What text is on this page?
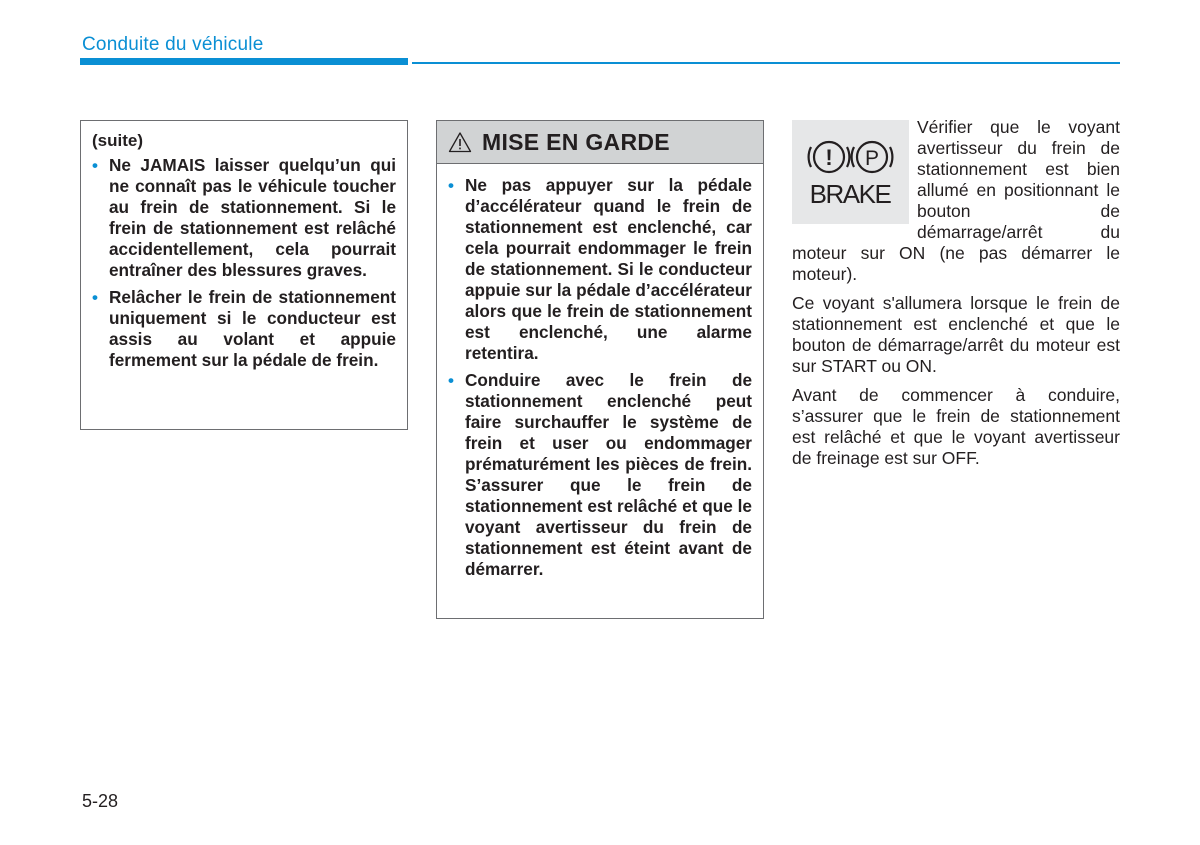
Conduite du véhicule
(suite)
• Ne JAMAIS laisser quelqu’un qui ne connaît pas le véhicule toucher au frein de stationnement. Si le frein de stationnement est relâché accidentellement, cela pourrait entraîner des blessures graves.
• Relâcher le frein de stationnement uniquement si le conducteur est assis au volant et appuie fermement sur la pédale de frein.
MISE EN GARDE
• Ne pas appuyer sur la pédale d’accélérateur quand le frein de stationnement est enclenché, car cela pourrait endommager le frein de stationnement. Si le conducteur appuie sur la pédale d’accélérateur alors que le frein de stationnement est enclenché, une alarme retentira.
• Conduire avec le frein de stationnement enclenché peut faire surchauffer le système de frein et user ou endommager prématurément les pièces de frein. S’assurer que le frein de stationnement est relâché et que le voyant avertisseur du frein de stationnement est éteint avant de démarrer.
! P
BRAKE

Vérifier que le voyant avertisseur du frein de stationnement est bien allumé en positionnant le bouton de démarrage/arrêt du moteur sur ON (ne pas démarrer le moteur).

Ce voyant s'allumera lorsque le frein de stationnement est enclenché et que le bouton de démarrage/arrêt du moteur est sur START ou ON.

Avant de commencer à conduire, s’assurer que le frein de stationnement est relâché et que le voyant avertisseur de freinage est sur OFF.

5-28
